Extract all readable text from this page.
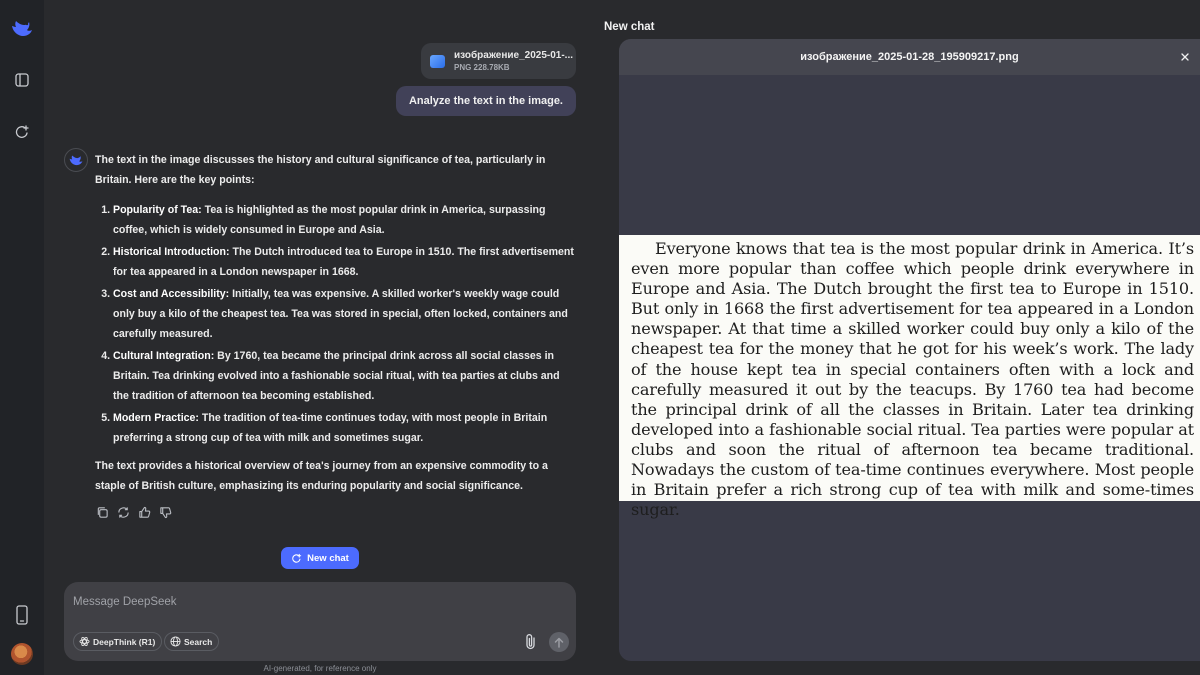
изображение_2025-01-...
PNG 228.78KB
Analyze the text in the image.

The text in the image discusses the history and cultural significance of tea, particularly in Britain. Here are the key points:

1. Popularity of Tea: Tea is highlighted as the most popular drink in America, surpassing coffee, which is widely consumed in Europe and Asia.
2. Historical Introduction: The Dutch introduced tea to Europe in 1510. The first advertisement for tea appeared in a London newspaper in 1668.
3. Cost and Accessibility: Initially, tea was expensive. A skilled worker's weekly wage could only buy a kilo of the cheapest tea. Tea was stored in special, often locked, containers and carefully measured.
4. Cultural Integration: By 1760, tea became the principal drink across all social classes in Britain. Tea drinking evolved into a fashionable social ritual, with tea parties at clubs and the tradition of afternoon tea becoming established.
5. Modern Practice: The tradition of tea-time continues today, with most people in Britain preferring a strong cup of tea with milk and sometimes sugar.

The text provides a historical overview of tea's journey from an expensive commodity to a staple of British culture, emphasizing its enduring popularity and social significance.

New chat
Message DeepSeek
DeepThink (R1)	Search
AI-generated, for reference only
New chat
изображение_2025-01-28_195909217.png

Everyone knows that tea is the most popular drink in America. It’s even more popular than coffee which people drink everywhere in Europe and Asia. The Dutch brought the first tea to Europe in 1510. But only in 1668 the first advertisement for tea appeared in a London newspaper. At that time a skilled worker could buy only a kilo of the cheapest tea for the money that he got for his week’s work. The lady of the house kept tea in special containers often with a lock and carefully measured it out by the teacups. By 1760 tea had become the principal drink of all the classes in Britain. Later tea drinking developed into a fashionable social ritual. Tea parties were popular at clubs and soon the ritual of afternoon tea became traditional. Nowadays the custom of tea-time continues everywhere. Most people in Britain prefer a rich strong cup of tea with milk and some-times sugar.
